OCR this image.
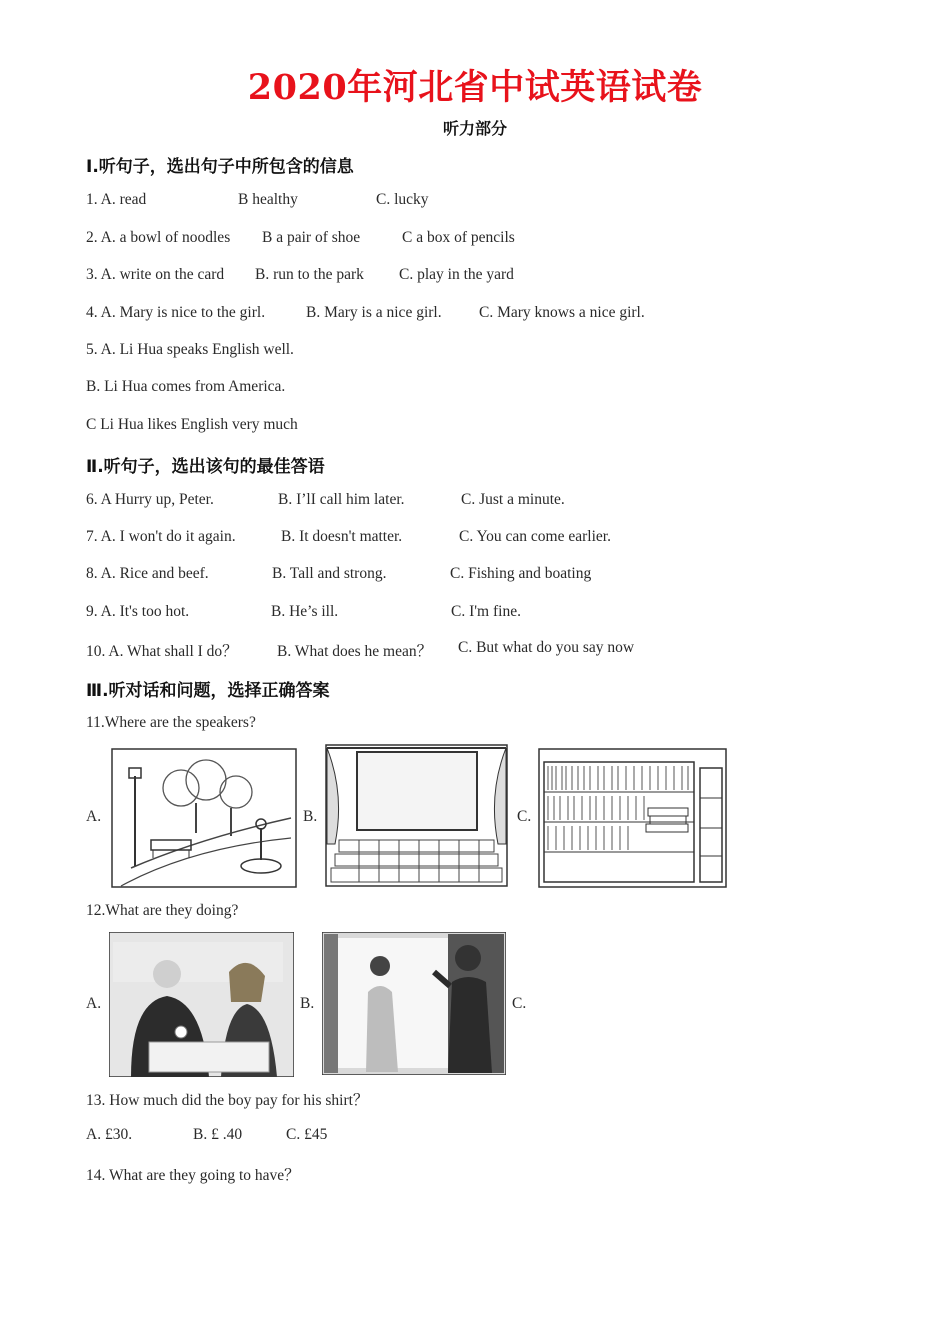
2020年河北省中试英语试卷
听力部分
Ⅰ.听句子，选出句子中所包含的信息
1. A. read	B healthy	C. lucky
2. A. a bowl of noodles B a pair of shoe	C a box of pencils
3. A. write on the card B. run to the park C. play in the yard
4. A. Mary is nice to the girl.	B. Mary is a nice girl. C. Mary knows a nice girl.
5. A. Li Hua speaks English well.
B. Li Hua comes from America.
C Li Hua likes English very much
Ⅱ.听句子，选出该句的最佳答语
6. A Hurry up, Peter.	B. I’lI call him later.	C. Just a minute.
7. A. I won't do it again.	B. It doesn't matter.	C. You can come earlier.
8. A. Rice and beef.	B. Tall and strong.	C. Fishing and boating
9. A. It's too hot.	B. He’s ill.	C. I'm fine.
10. A. What shall I do？	B. What does he mean？ C. But what do you say now
Ⅲ.听对话和问题，选择正确答案
11.Where are the speakers?
A.	B.	C.
12.What are they doing?
A.	B.	C.
13. How much did the boy pay for his shirt？
A. £30.	B. £ .40	C. £45
14. What are they going to have？
